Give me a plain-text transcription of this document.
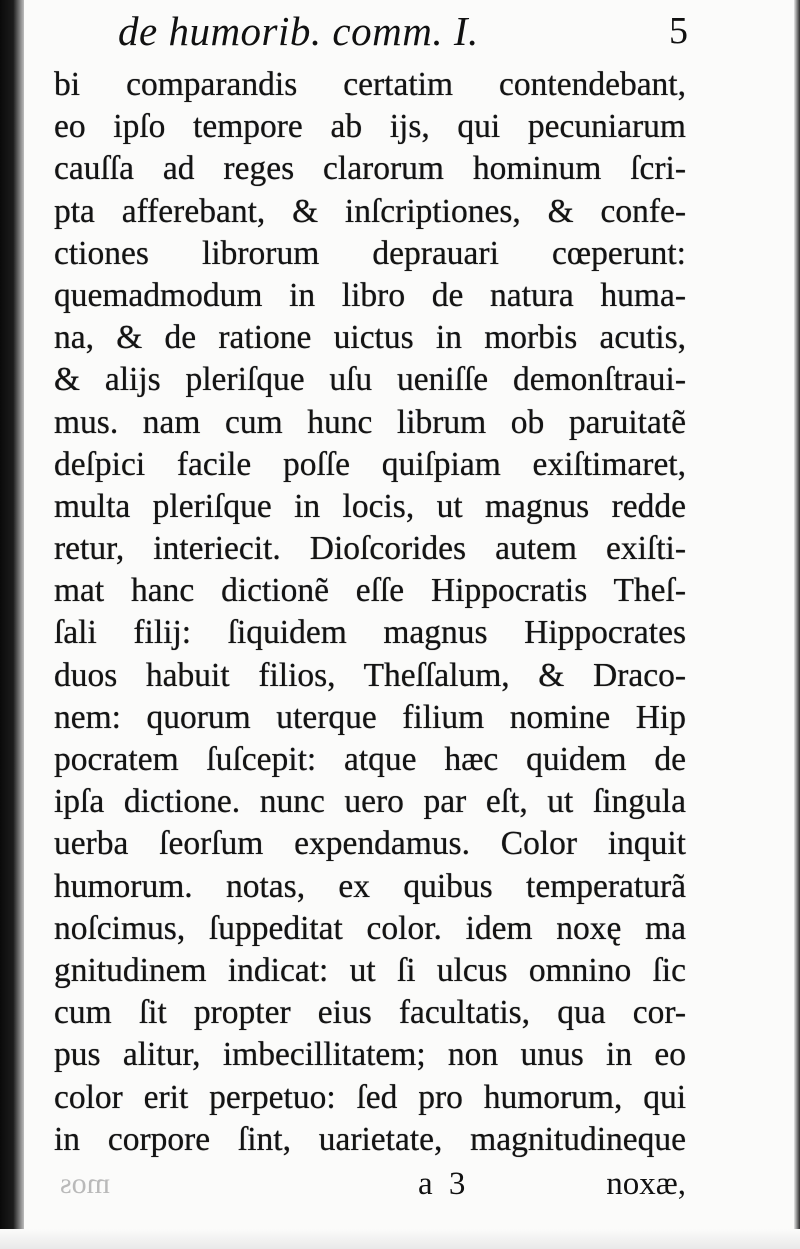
de humorib. comm. I.	5
bi comparandis certatim contendebant,
eo ipſo tempore ab ijs, qui pecuniarum
cauſſa ad reges clarorum hominum ſcri-
pta afferebant, & inſcriptiones, & confe-
ctiones librorum deprauari cœperunt:
quemadmodum in libro de natura huma-
na, & de ratione uictus in morbis acutis,
& alijs pleriſque uſu ueniſſe demonſtraui-
mus. nam cum hunc librum ob paruitatẽ
deſpici facile poſſe quiſpiam exiſtimaret,
multa pleriſque in locis, ut magnus redde
retur, interiecit. Dioſcorides autem exiſti-
mat hanc dictionẽ eſſe Hippocratis Theſ-
ſali filij: ſiquidem magnus Hippocrates
duos habuit filios, Theſſalum, & Draco-
nem: quorum uterque filium nomine Hip
pocratem ſuſcepit: atque hæc quidem de
ipſa dictione. nunc uero par eſt, ut ſingula
uerba ſeorſum expendamus. Color inquit
humorum. notas, ex quibus temperaturã
noſcimus, ſuppeditat color. idem noxę ma
gnitudinem indicat: ut ſi ulcus omnino ſic
cum ſit propter eius facultatis, qua cor-
pus alitur, imbecillitatem; non unus in eo
color erit perpetuo: ſed pro humorum, qui
in corpore ſint, uarietate, magnitudineque
mos	a 3	noxæ,
